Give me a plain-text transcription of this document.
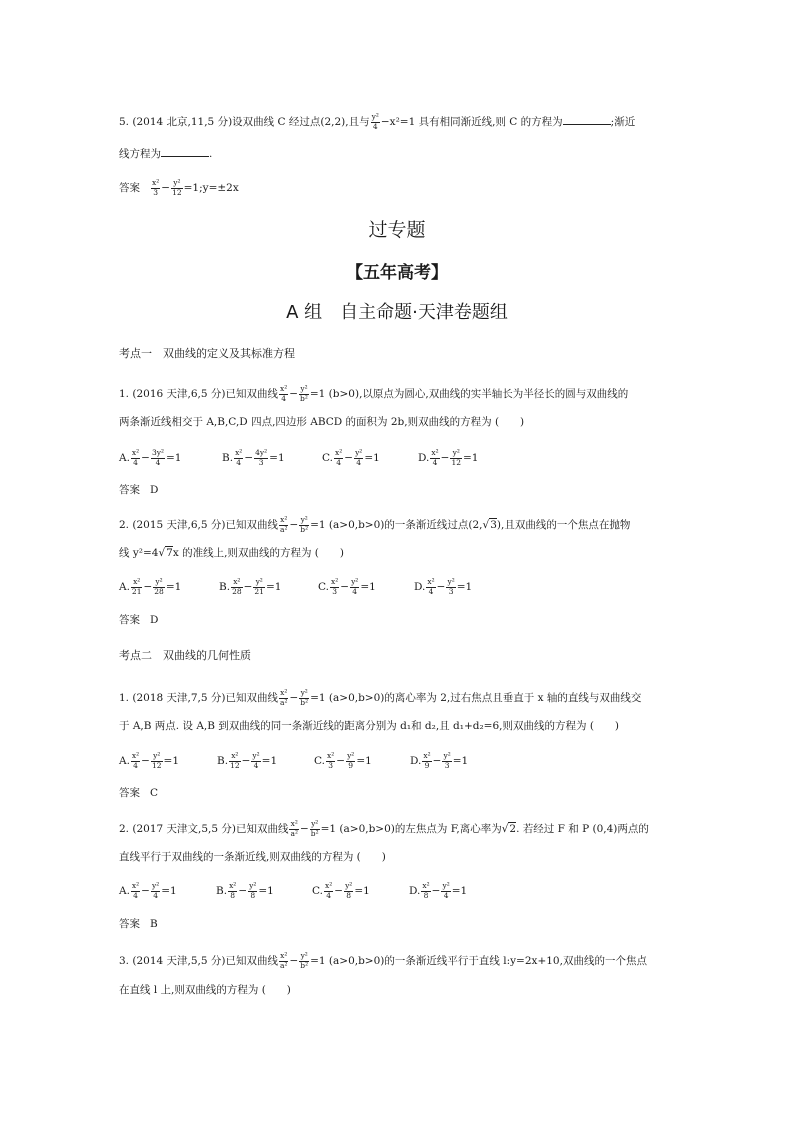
5. (2014 北京,11,5 分)设双曲线 C 经过点(2,2),且与 $\frac{\text{y²}}{4} -x^2=1$ 具有相同渐近线,则 C 的方程为	;渐近
线方程为	.
答案 $\frac{\text{x²}}{3} - \frac{\text{y²}}{12}$ =1;y=±2x
过专题
【五年高考】
A 组　自主命题·天津卷题组
考点一　双曲线的定义及其标准方程
1. (2016 天津,6,5 分)已知双曲线 $\frac{\text{x²}}{4} - \frac{\text{y²}}{\text{b²}} =1$ (b>0),以原点为圆心,双曲线的实半轴长为半径长的圆与双曲线的
两条渐近线相交于 A,B,C,D 四点,四边形 ABCD 的面积为 2b,则双曲线的方程为 (　　)
A. $\frac{\text{x²}}{4} - \frac{\text{3y²}}{4} =1$	B. $\frac{\text{x²}}{4} - \frac{\text{4y²}}{3} =1$	C. $\frac{\text{x²}}{4} - \frac{\text{y²}}{4} =1$	D. $\frac{\text{x²}}{4} - \frac{\text{y²}}{12} =1$
答案 D
2. (2015 天津,6,5 分)已知双曲线 $\frac{\text{x²}}{\text{a²}} - \frac{\text{y²}}{\text{b²}} =1$ (a>0,b>0)的一条渐近线过点(2,√3),且双曲线的一个焦点在抛物
线 y²=4√7x 的准线上,则双曲线的方程为 (　　)
A. $\frac{\text{x²}}{21} - \frac{\text{y²}}{28} =1$	B. $\frac{\text{x²}}{28} - \frac{\text{y²}}{21} =1$	C. $\frac{\text{x²}}{3} - \frac{\text{y²}}{4} =1$	D. $\frac{\text{x²}}{4} - \frac{\text{y²}}{3} =1$
答案 D
考点二　双曲线的几何性质
1. (2018 天津,7,5 分)已知双曲线 $\frac{\text{x²}}{\text{a²}} - \frac{\text{y²}}{\text{b²}} =1$ (a>0,b>0)的离心率为 2,过右焦点且垂直于 x 轴的直线与双曲线交
于 A,B 两点. 设 A,B 到双曲线的同一条渐近线的距离分别为 d₁和 d₂,且 d₁+d₂=6,则双曲线的方程为 (　　)
A. $\frac{\text{x²}}{4} - \frac{\text{y²}}{12} =1$	B. $\frac{\text{x²}}{12} - \frac{\text{y²}}{4} =1$	C. $\frac{\text{x²}}{3} - \frac{\text{y²}}{9} =1$	D. $\frac{\text{x²}}{9} - \frac{\text{y²}}{3} =1$
答案 C
2. (2017 天津文,5,5 分)已知双曲线 $\frac{\text{x²}}{\text{a²}} - \frac{\text{y²}}{\text{b²}} =1$ (a>0,b>0)的左焦点为 F,离心率为√2. 若经过 F 和 P (0,4)两点的
直线平行于双曲线的一条渐近线,则双曲线的方程为 (　　)
A. $\frac{\text{x²}}{4} - \frac{\text{y²}}{4} =1$	B. $\frac{\text{x²}}{8} - \frac{\text{y²}}{8} =1$	C. $\frac{\text{x²}}{4} - \frac{\text{y²}}{8} =1$	D. $\frac{\text{x²}}{8} - \frac{\text{y²}}{4} =1$
答案 B
3. (2014 天津,5,5 分)已知双曲线 $\frac{\text{x²}}{\text{a²}} - \frac{\text{y²}}{\text{b²}} =1$ (a>0,b>0)的一条渐近线平行于直线 l:y=2x+10,双曲线的一个焦点
在直线 l 上,则双曲线的方程为 (　　)
